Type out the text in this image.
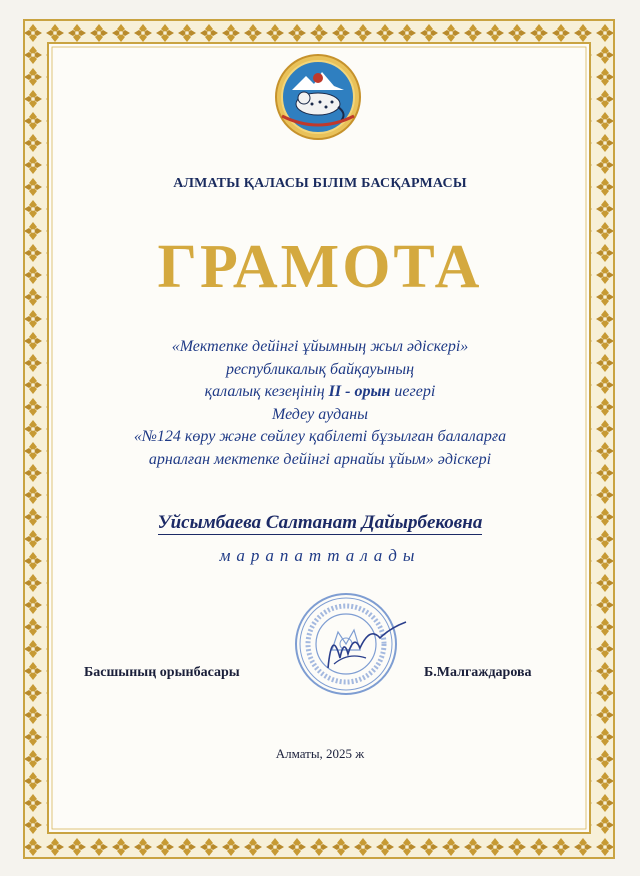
АЛМАТЫ ҚАЛАСЫ БІЛІМ БАСҚАРМАСЫ
ГРАМОТА
«Мектепке дейінгі ұйымның жыл әдіскері»
республикалық байқауының
қалалық кезеңінің II - орын иегері
Медеу ауданы
«№124 көру және сөйлеу қабілеті бұзылған балаларға
арналған мектепке дейінгі арнайы ұйым» әдіскері
Уйсымбаева Салтанат Дайырбековна
марапатталады
Басшының орынбасары	Б.Малгаждарова
Алматы, 2025 ж
